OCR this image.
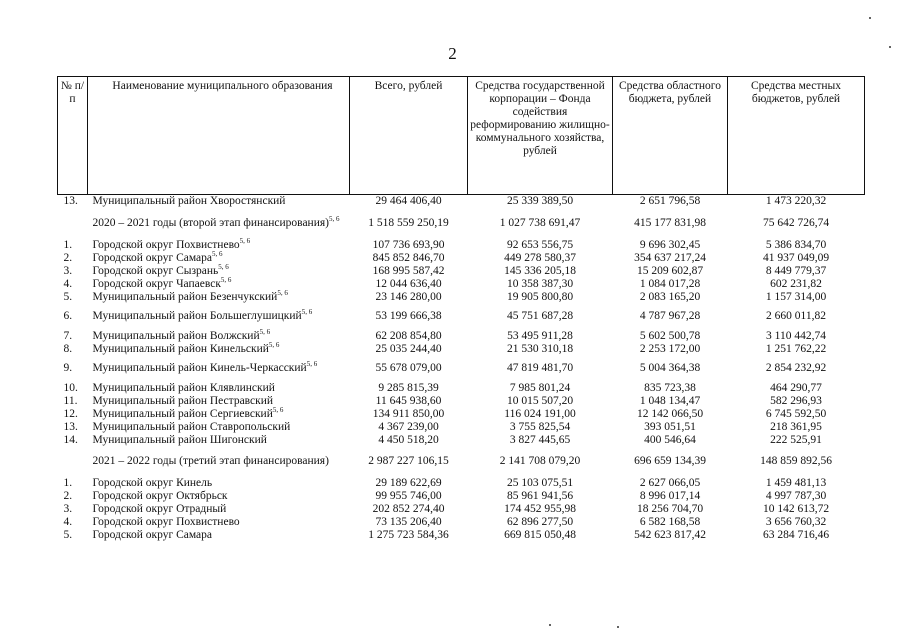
2
№ п/п	Наименование муниципального образования	Всего, рублей	Средства государственной корпорации – Фонда содействия реформированию жилищно-коммунального хозяйства, рублей	Средства областного бюджета, рублей	Средства местных бюджетов, рублей
13.	Муниципальный район Хворостянский	29 464 406,40	25 339 389,50	2 651 796,58	1 473 220,32
	2020 – 2021 годы (второй этап финансирования)$^{5, 6}$	1 518 559 250,19	1 027 738 691,47	415 177 831,98	75 642 726,74
1.	Городской округ Похвистнево$^{5, 6}$	107 736 693,90	92 653 556,75	9 696 302,45	5 386 834,70
2.	Городской округ Самара$^{5, 6}$	845 852 846,70	449 278 580,37	354 637 217,24	41 937 049,09
3.	Городской округ Сызрань$^{5, 6}$	168 995 587,42	145 336 205,18	15 209 602,87	8 449 779,37
4.	Городской округ Чапаевск$^{5, 6}$	12 044 636,40	10 358 387,30	1 084 017,28	602 231,82
5.	Муниципальный район Безенчукский$^{5, 6}$	23 146 280,00	19 905 800,80	2 083 165,20	1 157 314,00
6.	Муниципальный район Большеглушицкий$^{5, 6}$	53 199 666,38	45 751 687,28	4 787 967,28	2 660 011,82
7.	Муниципальный район Волжский$^{5, 6}$	62 208 854,80	53 495 911,28	5 602 500,78	3 110 442,74
8.	Муниципальный район Кинельский$^{5, 6}$	25 035 244,40	21 530 310,18	2 253 172,00	1 251 762,22
9.	Муниципальный район Кинель-Черкасский$^{5, 6}$	55 678 079,00	47 819 481,70	5 004 364,38	2 854 232,92
10.	Муниципальный район Клявлинский	9 285 815,39	7 985 801,24	835 723,38	464 290,77
11.	Муниципальный район Пестравский	11 645 938,60	10 015 507,20	1 048 134,47	582 296,93
12.	Муниципальный район Сергиевский$^{5, 6}$	134 911 850,00	116 024 191,00	12 142 066,50	6 745 592,50
13.	Муниципальный район Ставропольский	4 367 239,00	3 755 825,54	393 051,51	218 361,95
14.	Муниципальный район Шигонский	4 450 518,20	3 827 445,65	400 546,64	222 525,91
	2021 – 2022 годы (третий этап финансирования)	2 987 227 106,15	2 141 708 079,20	696 659 134,39	148 859 892,56
1.	Городской округ Кинель	29 189 622,69	25 103 075,51	2 627 066,05	1 459 481,13
2.	Городской округ Октябрьск	99 955 746,00	85 961 941,56	8 996 017,14	4 997 787,30
3.	Городской округ Отрадный	202 852 274,40	174 452 955,98	18 256 704,70	10 142 613,72
4.	Городской округ Похвистнево	73 135 206,40	62 896 277,50	6 582 168,58	3 656 760,32
5.	Городской округ Самара	1 275 723 584,36	669 815 050,48	542 623 817,42	63 284 716,46
